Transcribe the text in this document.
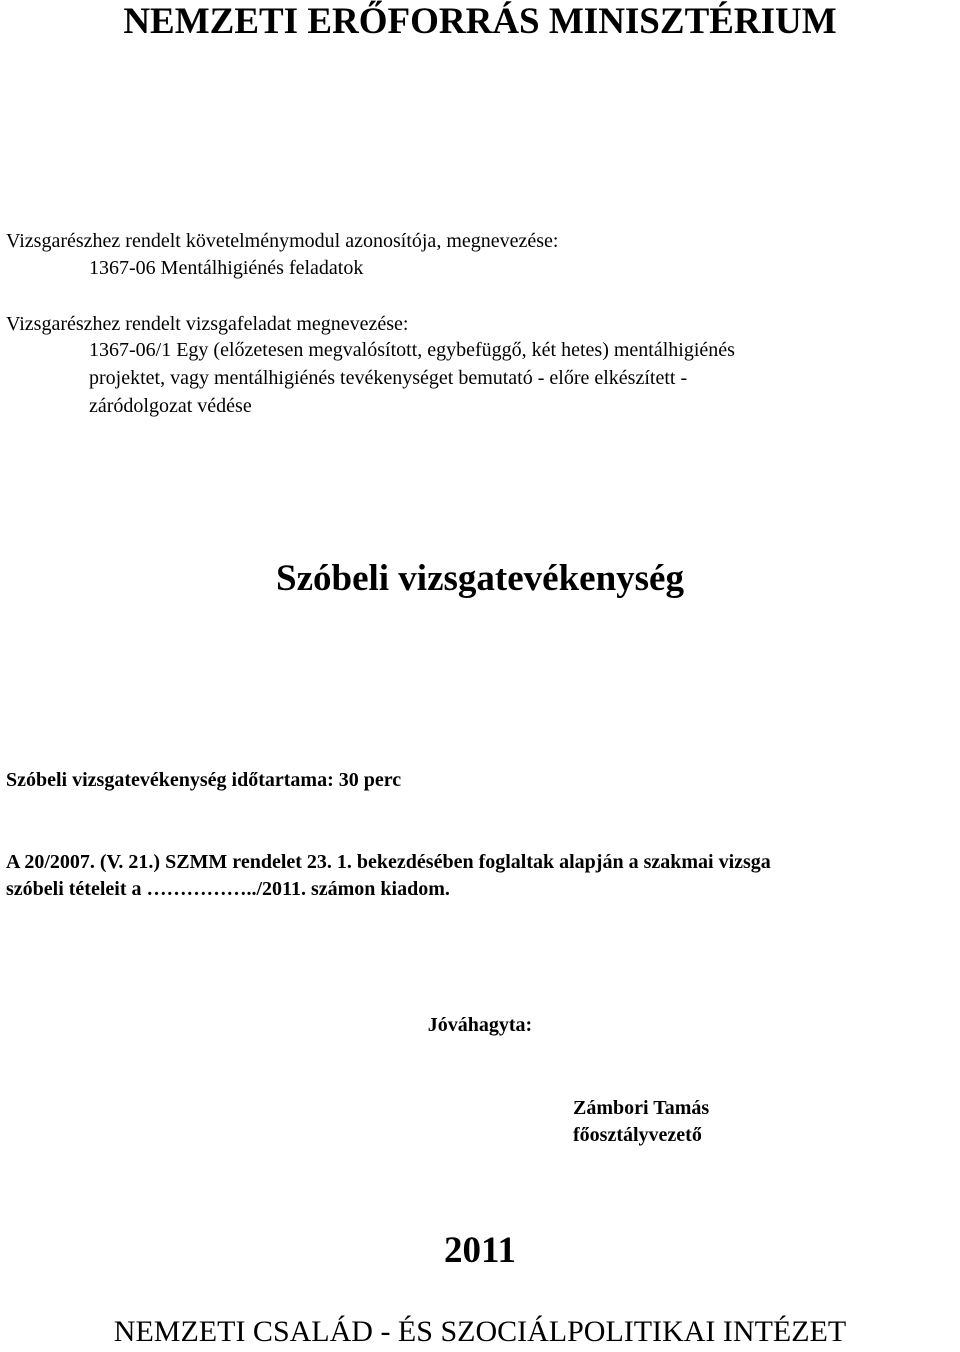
NEMZETI ERŐFORRÁS MINISZTÉRIUM

Vizsgarészhez rendelt követelménymodul azonosítója, megnevezése:

1367-06 Mentálhigiénés feladatok

Vizsgarészhez rendelt vizsgafeladat megnevezése:

1367-06/1 Egy (előzetesen megvalósított, egybefüggő, két hetes) mentálhigiénés

projektet, vagy mentálhigiénés tevékenységet bemutató - előre elkészített -

záródolgozat védése

Szóbeli vizsgatevékenység

Szóbeli vizsgatevékenység időtartama: 30 perc

A 20/2007. (V. 21.) SZMM rendelet 23. 1. bekezdésében foglaltak alapján a szakmai vizsga

szóbeli tételeit a ……………../2011. számon kiadom.

Jóváhagyta:

Zámbori Tamás

főosztályvezető

2011

NEMZETI CSALÁD - ÉS SZOCIÁLPOLITIKAI INTÉZET
